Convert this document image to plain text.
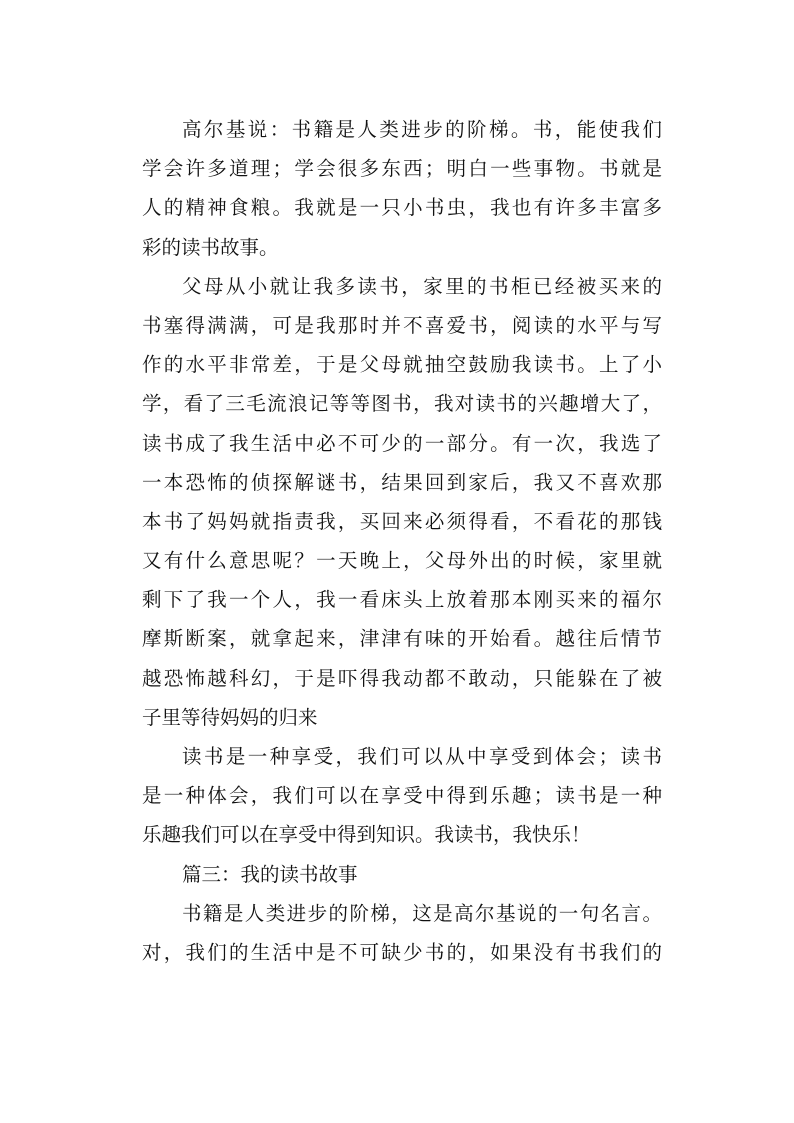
高尔基说：书籍是人类进步的阶梯。书，能使我们
学会许多道理；学会很多东西；明白一些事物。书就是
人的精神食粮。我就是一只小书虫，我也有许多丰富多
彩的读书故事。
父母从小就让我多读书，家里的书柜已经被买来的
书塞得满满，可是我那时并不喜爱书，阅读的水平与写
作的水平非常差，于是父母就抽空鼓励我读书。上了小
学，看了三毛流浪记等等图书，我对读书的兴趣增大了，
读书成了我生活中必不可少的一部分。有一次，我选了
一本恐怖的侦探解谜书，结果回到家后，我又不喜欢那
本书了妈妈就指责我，买回来必须得看，不看花的那钱
又有什么意思呢？一天晚上，父母外出的时候，家里就
剩下了我一个人，我一看床头上放着那本刚买来的福尔
摩斯断案，就拿起来，津津有味的开始看。越往后情节
越恐怖越科幻，于是吓得我动都不敢动，只能躲在了被
子里等待妈妈的归来
读书是一种享受，我们可以从中享受到体会；读书
是一种体会，我们可以在享受中得到乐趣；读书是一种
乐趣我们可以在享受中得到知识。我读书，我快乐！
篇三：我的读书故事
书籍是人类进步的阶梯，这是高尔基说的一句名言。
对，我们的生活中是不可缺少书的，如果没有书我们的
